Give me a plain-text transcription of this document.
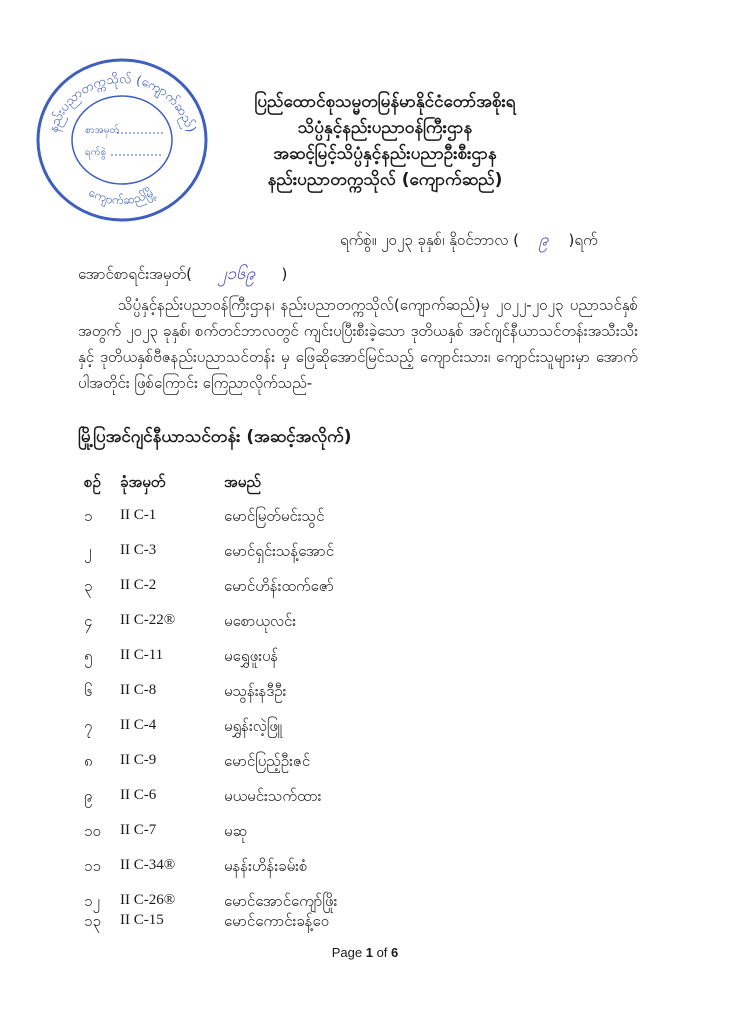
နည်းပညာတက္ကသိုလ် (ကျောက်ဆည်)
ကျောက်ဆည်မြို့
စာအမှတ်
ရက်စွဲ
ပြည်ထောင်စုသမ္မတမြန်မာနိုင်ငံတော်အစိုးရ
သိပ္ပံနှင့်နည်းပညာဝန်ကြီးဌာန
အဆင့်မြင့်သိပ္ပံနှင့်နည်းပညာဦးစီးဌာန
နည်းပညာတက္ကသိုလ် (ကျောက်ဆည်)
ရက်စွဲ။ ၂၀၂၃ ခုနှစ်၊ နိုဝင်ဘာလ ( ၉ )ရက်
အောင်စာရင်းအမှတ်( ၂၁၆၉ )
သိပ္ပံနှင့်နည်းပညာဝန်ကြီးဌာန၊ နည်းပညာတက္ကသိုလ်(ကျောက်ဆည်)မှ ၂၀၂၂-၂၀၂၃ ပညာသင်နှစ်အတွက် ၂၀၂၃ ခုနှစ်၊ စက်တင်ဘာလတွင် ကျင်းပပြီးစီးခဲ့သော ဒုတိယနှစ် အင်ဂျင်နီယာသင်တန်းအသီးသီးနှင့် ဒုတိယနှစ်ဗီဇနည်းပညာသင်တန်း မှ ဖြေဆိုအောင်မြင်သည့် ကျောင်းသား၊ ကျောင်းသူများမှာ အောက်ပါအတိုင်း ဖြစ်ကြောင်း ကြေညာလိုက်သည်-
မြို့ပြအင်ဂျင်နီယာသင်တန်း (အဆင့်အလိုက်)
စဉ်	ခုံအမှတ်	အမည်
၁	II C-1	မောင်မြတ်မင်းသွင်
၂	II C-3	မောင်ရှင်းသန့်အောင်
၃	II C-2	မောင်ဟိန်းထက်ဇော်
၄	II C-22®	မစောယုလင်း
၅	II C-11	မရွှေဖူးပန်
၆	II C-8	မသွန်းနဒီဦး
၇	II C-4	မရွှန်းလဲ့ဖြူ
၈	II C-9	မောင်ပြည့်ဦးဇင်
၉	II C-6	မယမင်းသက်ထား
၁၀	II C-7	မဆု
၁၁	II C-34®	မနန်းဟိန်းခမ်းစံ
၁၂	II C-26®	မောင်အောင်ကျော်ဖြိုး
၁၃	II C-15	မောင်ကောင်းခန့်ဝေ
Page 1 of 6
